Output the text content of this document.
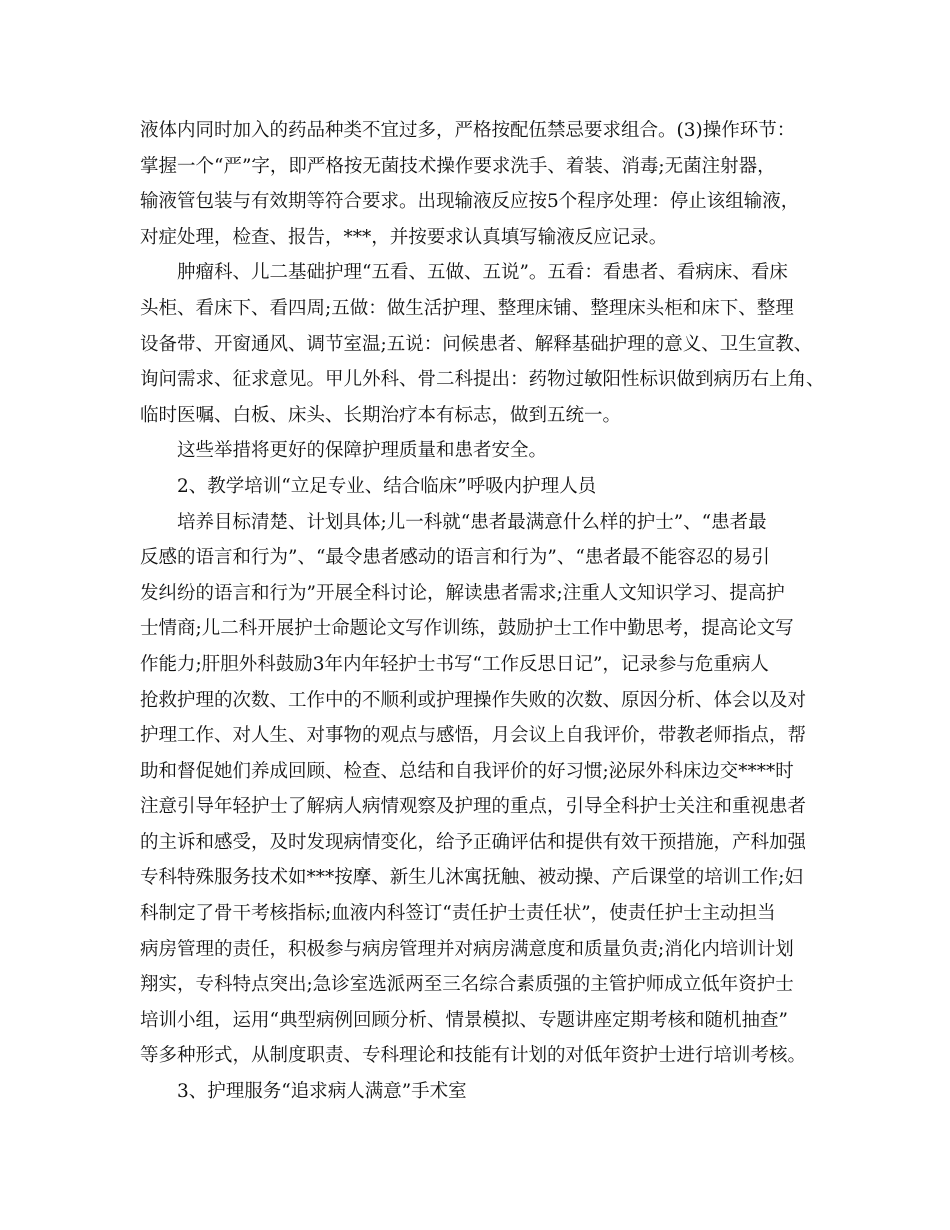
液体内同时加入的药品种类不宜过多，严格按配伍禁忌要求组合。(3)操作环节：
掌握一个“严”字，即严格按无菌技术操作要求洗手、着装、消毒;无菌注射器，
输液管包装与有效期等符合要求。出现输液反应按5个程序处理：停止该组输液，
对症处理，检查、报告，***，并按要求认真填写输液反应记录。

肿瘤科、儿二基础护理“五看、五做、五说”。五看：看患者、看病床、看床
头柜、看床下、看四周;五做：做生活护理、整理床铺、整理床头柜和床下、整理
设备带、开窗通风、调节室温;五说：问候患者、解释基础护理的意义、卫生宣教、
询问需求、征求意见。甲儿外科、骨二科提出：药物过敏阳性标识做到病历右上角、
临时医嘱、白板、床头、长期治疗本有标志，做到五统一。

这些举措将更好的保障护理质量和患者安全。

2、教学培训“立足专业、结合临床”呼吸内护理人员

培养目标清楚、计划具体;儿一科就“患者最满意什么样的护士”、“患者最
反感的语言和行为”、“最令患者感动的语言和行为”、“患者最不能容忍的易引
发纠纷的语言和行为”开展全科讨论，解读患者需求;注重人文知识学习、提高护
士情商;儿二科开展护士命题论文写作训练，鼓励护士工作中勤思考，提高论文写
作能力;肝胆外科鼓励3年内年轻护士书写“工作反思日记”，记录参与危重病人
抢救护理的次数、工作中的不顺利或护理操作失败的次数、原因分析、体会以及对
护理工作、对人生、对事物的观点与感悟，月会议上自我评价，带教老师指点，帮
助和督促她们养成回顾、检查、总结和自我评价的好习惯;泌尿外科床边交****时
注意引导年轻护士了解病人病情观察及护理的重点，引导全科护士关注和重视患者
的主诉和感受，及时发现病情变化，给予正确评估和提供有效干预措施，产科加强
专科特殊服务技术如***按摩、新生儿沐寓抚触、被动操、产后课堂的培训工作;妇
科制定了骨干考核指标;血液内科签订“责任护士责任状”，使责任护士主动担当
病房管理的责任，积极参与病房管理并对病房满意度和质量负责;消化内培训计划
翔实，专科特点突出;急诊室选派两至三名综合素质强的主管护师成立低年资护士
培训小组，运用“典型病例回顾分析、情景模拟、专题讲座定期考核和随机抽查”
等多种形式，从制度职责、专科理论和技能有计划的对低年资护士进行培训考核。

3、护理服务“追求病人满意”手术室
